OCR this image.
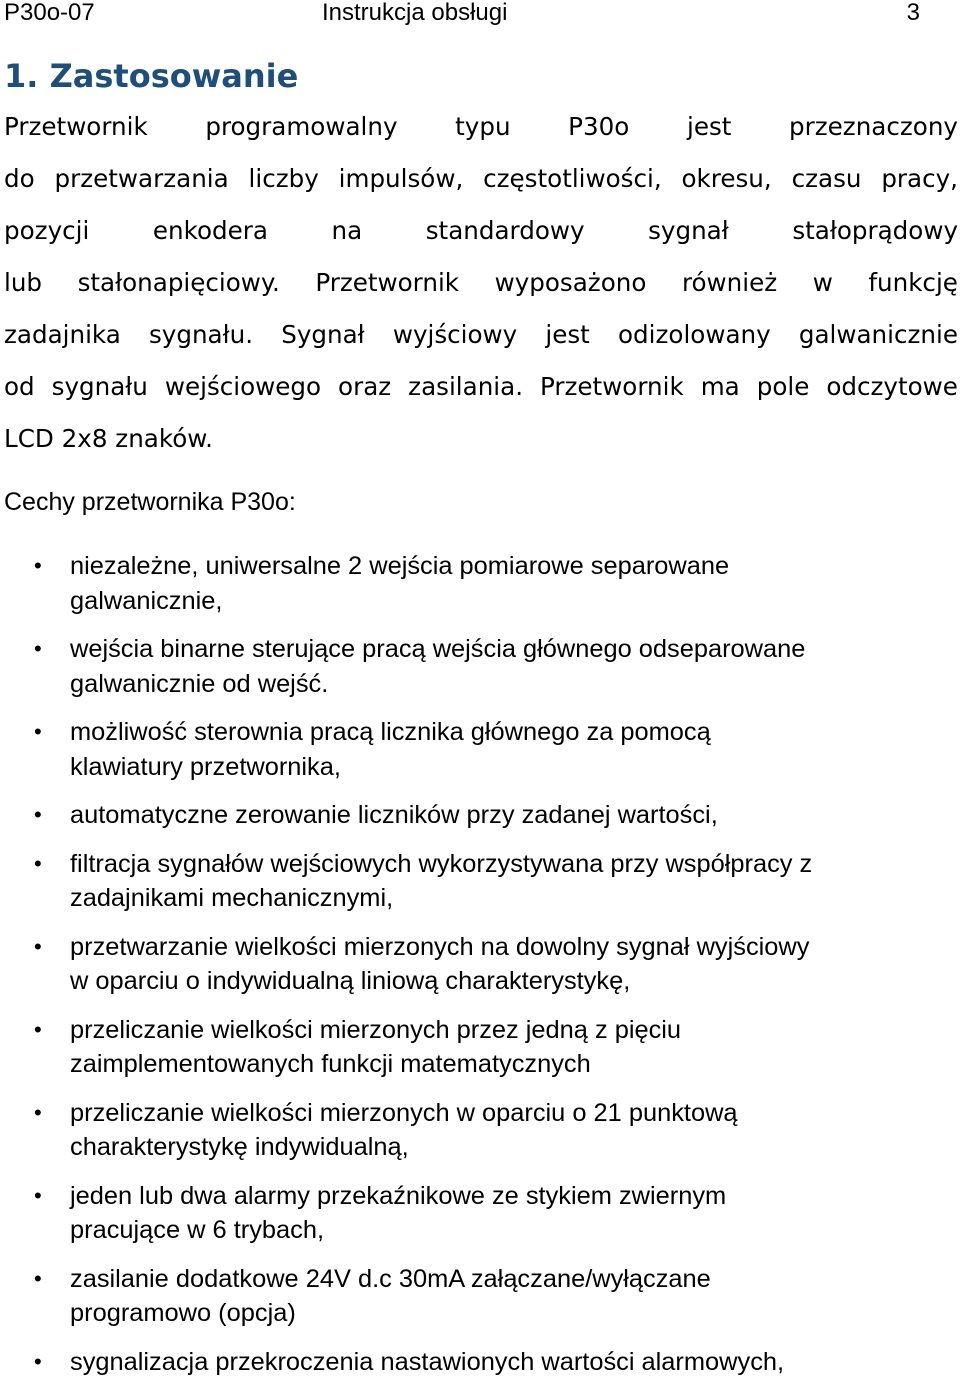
P30o-07	Instrukcja obsługi	3
1. Zastosowanie
Przetwornik programowalny typu P30o jest przeznaczony
do przetwarzania liczby impulsów, częstotliwości, okresu, czasu pracy,
pozycji	enkodera	na	standardowy	sygnał	stałoprądowy
lub stałonapięciowy. Przetwornik wyposażono również w funkcję
zadajnika sygnału. Sygnał wyjściowy jest odizolowany galwanicznie
od sygnału wejściowego oraz zasilania. Przetwornik ma pole odczytowe
LCD 2x8 znaków.
Cechy przetwornika P30o:
• niezależne, uniwersalne 2 wejścia pomiarowe separowane
galwanicznie,
• wejścia binarne sterujące pracą wejścia głównego odseparowane
galwanicznie od wejść.
• możliwość sterownia pracą licznika głównego za pomocą
klawiatury przetwornika,
• automatyczne zerowanie liczników przy zadanej wartości,
• filtracja sygnałów wejściowych wykorzystywana przy współpracy z
zadajnikami mechanicznymi,
• przetwarzanie wielkości mierzonych na dowolny sygnał wyjściowy
w oparciu o indywidualną liniową charakterystykę,
• przeliczanie wielkości mierzonych przez jedną z pięciu
zaimplementowanych funkcji matematycznych
• przeliczanie wielkości mierzonych w oparciu o 21 punktową
charakterystykę indywidualną,
• jeden lub dwa alarmy przekaźnikowe ze stykiem zwiernym
pracujące w 6 trybach,
• zasilanie dodatkowe 24V d.c 30mA załączane/wyłączane
programowo (opcja)
• sygnalizacja przekroczenia nastawionych wartości alarmowych,
